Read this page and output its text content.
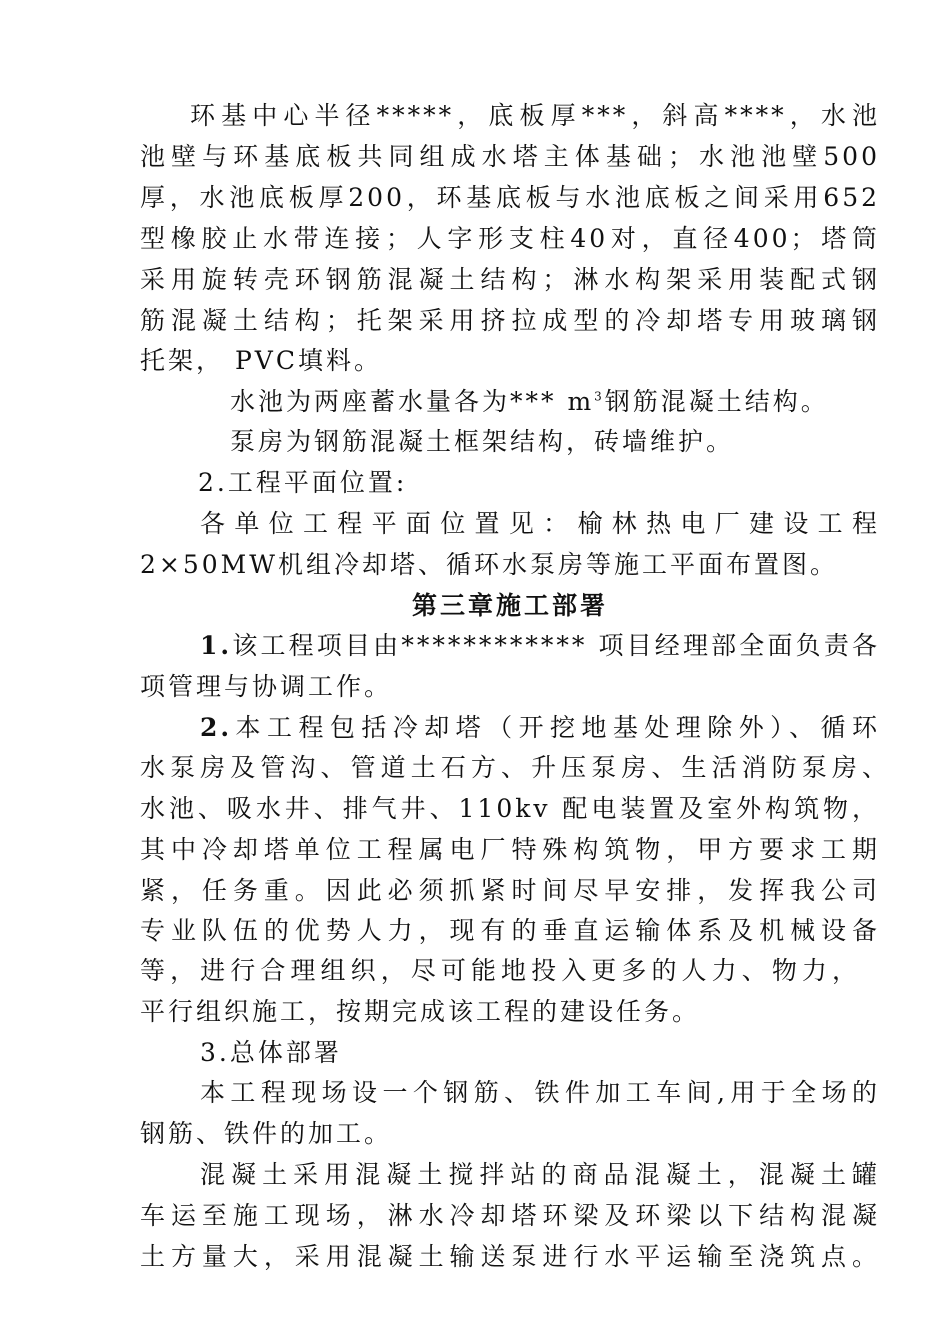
环基中心半径*****，底板厚***，斜高****，水池
池壁与环基底板共同组成水塔主体基础；水池池壁500
厚，水池底板厚200，环基底板与水池底板之间采用652
型橡胶止水带连接；人字形支柱40对，直径400；塔筒
采用旋转壳环钢筋混凝土结构；淋水构架采用装配式钢
筋混凝土结构；托架采用挤拉成型的冷却塔专用玻璃钢
托架， PVC填料。
水池为两座蓄水量各为*** $m^3$钢筋混凝土结构。
泵房为钢筋混凝土框架结构，砖墙维护。
2.工程平面位置:
各单位工程平面位置见：榆林热电厂建设工程
2×50MW机组冷却塔、循环水泵房等施工平面布置图。
第三章施工部署
1.该工程项目由************ 项目经理部全面负责各
项管理与协调工作。
2.本工程包括冷却塔（开挖地基处理除外）、循环
水泵房及管沟、管道土石方、升压泵房、生活消防泵房、
水池、吸水井、排气井、110kv 配电装置及室外构筑物，
其中冷却塔单位工程属电厂特殊构筑物，甲方要求工期
紧，任务重。因此必须抓紧时间尽早安排，发挥我公司
专业队伍的优势人力，现有的垂直运输体系及机械设备
等，进行合理组织，尽可能地投入更多的人力、物力，
平行组织施工，按期完成该工程的建设任务。
3.总体部署
本工程现场设一个钢筋、铁件加工车间,用于全场的
钢筋、铁件的加工。
混凝土采用混凝土搅拌站的商品混凝土，混凝土罐
车运至施工现场，淋水冷却塔环梁及环梁以下结构混凝
土方量大，采用混凝土输送泵进行水平运输至浇筑点。
